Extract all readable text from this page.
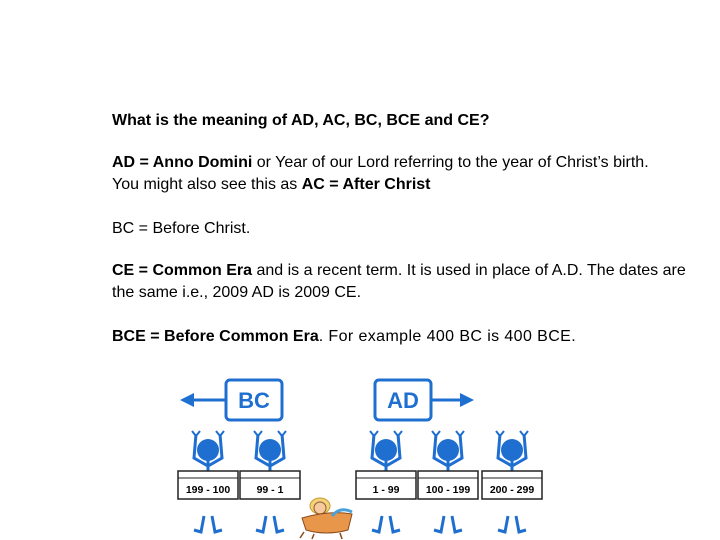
What is the meaning of AD, AC, BC, BCE and CE?
AD = Anno Domini or Year of our Lord referring to the year of Christ’s birth. You might also see this as AC = After Christ
BC = Before Christ.
CE = Common Era and is a recent term. It is used in place of A.D. The dates are the same i.e., 2009 AD is 2009 CE.
BCE = Before Common Era. For example 400 BC is 400 BCE.
BC	AD
199 - 100	99 - 1	1 - 99	100 - 199 200 - 299
